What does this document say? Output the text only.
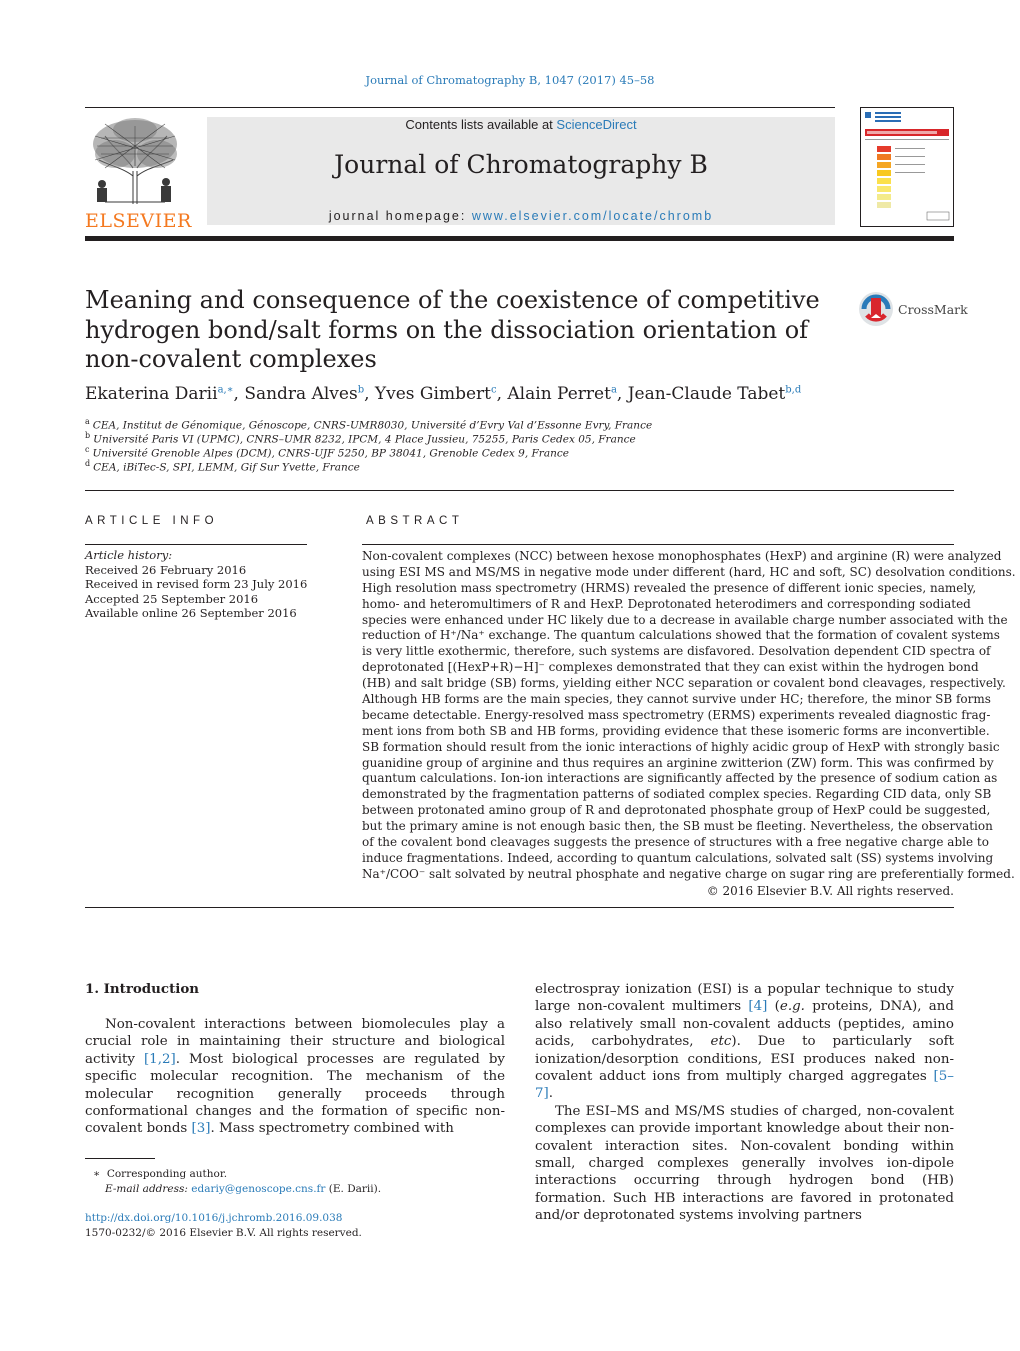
Journal of Chromatography B, 1047 (2017) 45–58
ELSEVIER
Contents lists available at ScienceDirect
Journal of Chromatography B
journal homepage: www.elsevier.com/locate/chromb
Meaning and consequence of the coexistence of competitive hydrogen bond/salt forms on the dissociation orientation of non-covalent complexes
CrossMark
Ekaterina Darii$^{a,∗}$, Sandra Alves$^b$, Yves Gimbert$^c$, Alain Perret$^a$, Jean-Claude Tabet$^{b,d}$
$^a$ CEA, Institut de Génomique, Génoscope, CNRS-UMR8030, Université d’Evry Val d’Essonne Evry, France
$^b$ Université Paris VI (UPMC), CNRS–UMR 8232, IPCM, 4 Place Jussieu, 75255, Paris Cedex 05, France
$^c$ Université Grenoble Alpes (DCM), CNRS-UJF 5250, BP 38041, Grenoble Cedex 9, France
$^d$ CEA, iBiTec-S, SPI, LEMM, Gif Sur Yvette, France
ARTICLE INFO
Article history:
Received 26 February 2016
Received in revised form 23 July 2016
Accepted 25 September 2016
Available online 26 September 2016
ABSTRACT
Non-covalent complexes (NCC) between hexose monophosphates (HexP) and arginine (R) were analyzed
using ESI MS and MS/MS in negative mode under different (hard, HC and soft, SC) desolvation conditions.
High resolution mass spectrometry (HRMS) revealed the presence of different ionic species, namely,
homo- and heteromultimers of R and HexP. Deprotonated heterodimers and corresponding sodiated
species were enhanced under HC likely due to a decrease in available charge number associated with the
reduction of H⁺/Na⁺ exchange. The quantum calculations showed that the formation of covalent systems
is very little exothermic, therefore, such systems are disfavored. Desolvation dependent CID spectra of
deprotonated [(HexP+R)−H]⁻ complexes demonstrated that they can exist within the hydrogen bond
(HB) and salt bridge (SB) forms, yielding either NCC separation or covalent bond cleavages, respectively.
Although HB forms are the main species, they cannot survive under HC; therefore, the minor SB forms
became detectable. Energy-resolved mass spectrometry (ERMS) experiments revealed diagnostic frag-
ment ions from both SB and HB forms, providing evidence that these isomeric forms are inconvertible.
SB formation should result from the ionic interactions of highly acidic group of HexP with strongly basic
guanidine group of arginine and thus requires an arginine zwitterion (ZW) form. This was confirmed by
quantum calculations. Ion-ion interactions are significantly affected by the presence of sodium cation as
demonstrated by the fragmentation patterns of sodiated complex species. Regarding CID data, only SB
between protonated amino group of R and deprotonated phosphate group of HexP could be suggested,
but the primary amine is not enough basic then, the SB must be fleeting. Nevertheless, the observation
of the covalent bond cleavages suggests the presence of structures with a free negative charge able to
induce fragmentations. Indeed, according to quantum calculations, solvated salt (SS) systems involving
Na⁺/COO⁻ salt solvated by neutral phosphate and negative charge on sugar ring are preferentially formed.
© 2016 Elsevier B.V. All rights reserved.
1. Introduction

Non-covalent interactions between biomolecules play a crucial role in maintaining their structure and biological activity [1,2]. Most biological processes are regulated by specific molecular recognition. The mechanism of the molecular recognition generally proceeds through conformational changes and the formation of specific non-covalent bonds [3]. Mass spectrometry combined with

electrospray ionization (ESI) is a popular technique to study large non-covalent multimers [4] (e.g. proteins, DNA), and also relatively small non-covalent adducts (peptides, amino acids, carbohydrates, etc). Due to particularly soft ionization/desorption conditions, ESI produces naked non-covalent adduct ions from multiply charged aggregates [5–7].

The ESI–MS and MS/MS studies of charged, non-covalent complexes can provide important knowledge about their non-covalent interaction sites. Non-covalent bonding within small, charged complexes generally involves ion-dipole interactions occurring through hydrogen bond (HB) formation. Such HB interactions are favored in protonated and/or deprotonated systems involving partners

∗ Corresponding author.
E-mail address: edariy@genoscope.cns.fr (E. Darii).
http://dx.doi.org/10.1016/j.jchromb.2016.09.038
1570-0232/© 2016 Elsevier B.V. All rights reserved.
